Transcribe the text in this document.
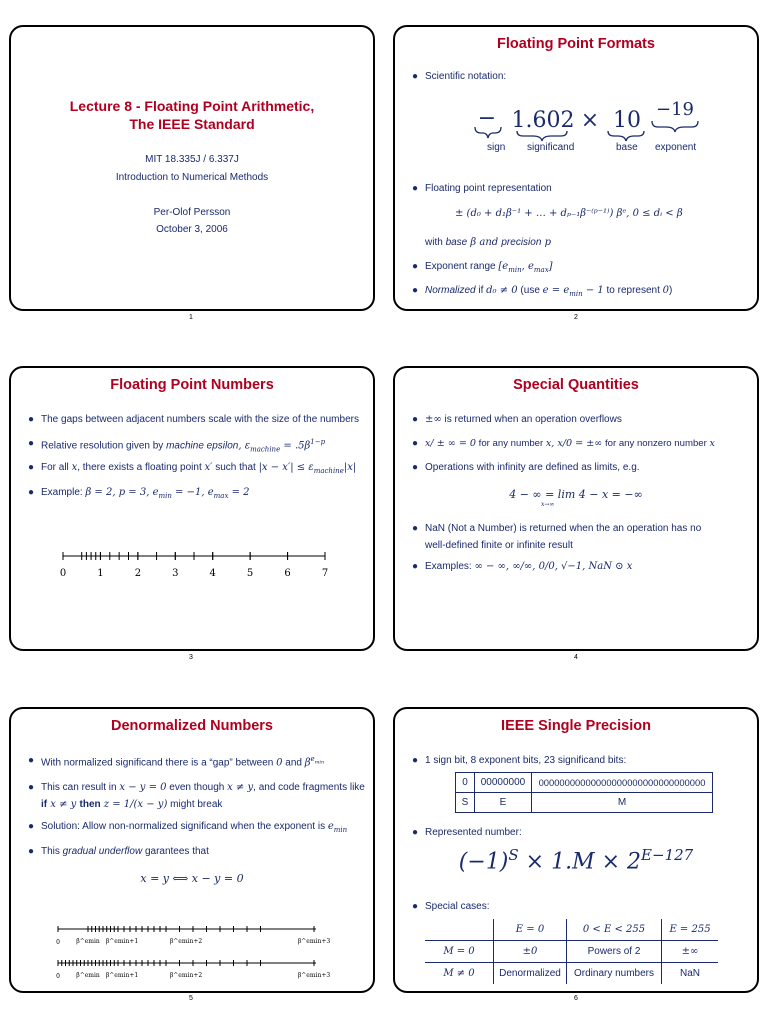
Lecture 8 - Floating Point Arithmetic,
The IEEE Standard
MIT 18.335J / 6.337J
Introduction to Numerical Methods
Per-Olof Persson
October 3, 2006
1
Floating Point Formats
● Scientific notation:
− 1.602 × 10 −19
sign significand	base exponent
● Floating point representation
± (d₀ + d₁β⁻¹ + … + dₚ₋₁β⁻⁽ᵖ⁻¹⁾) βᵉ, 0 ≤ dᵢ < β
with base β and precision p
● Exponent range [$e_{min}$, $e_{max}$]
● Normalized if d₀ ≠ 0 (use $e = e_{min} - 1$ to represent 0)
2
Floating Point Numbers
● The gaps between adjacent numbers scale with the size of the numbers
● Relative resolution given by machine epsilon, $\varepsilon_{machine} = .5\beta^{1-p}$
● For all x, there exists a floating point x′ such that $|x - x'| \le \varepsilon_{machine}|x|$
● Example: β = 2, p = 3, $e_{min} = -1$, $e_{max} = 2$
0	1	2	3	4	5	6	7
3
Special Quantities
● ±∞ is returned when an operation overflows
● x/ ± ∞ = 0 for any number x, x/0 = ±∞ for any nonzero number x
● Operations with infinity are defined as limits, e.g.
4 − ∞ = lim 4 − x = −∞
x→∞
● NaN (Not a Number) is returned when the an operation has no
well-defined finite or infinite result
● Examples: ∞ − ∞, ∞/∞, 0/0, √−1, NaN ⊙ x
4
Denormalized Numbers
● With normalized significand there is a “gap” between 0 and $\beta^{e_{min}}$
● This can result in x − y = 0 even though x ≠ y, and code fragments like
if x ≠ y then z = 1/(x − y) might break
● Solution: Allow non-normalized significand when the exponent is $e_{min}$
● This gradual underflow garantees that
x = y ⟺ x − y = 0
0	β^emin β^emin+1	β^emin+2	β^emin+3
0	β^emin β^emin+1	β^emin+2	β^emin+3
5
IEEE Single Precision
● 1 sign bit, 8 exponent bits, 23 significand bits:
0	00000000	00000000000000000000000000000000
S	E	M
● Represented number:
$(-1)^S \times 1.M \times 2^{E-127}$
● Special cases:
	E = 0	0 < E < 255	E = 255
M = 0	±0	Powers of 2	±∞
M ≠ 0	Denormalized	Ordinary numbers	NaN
6
